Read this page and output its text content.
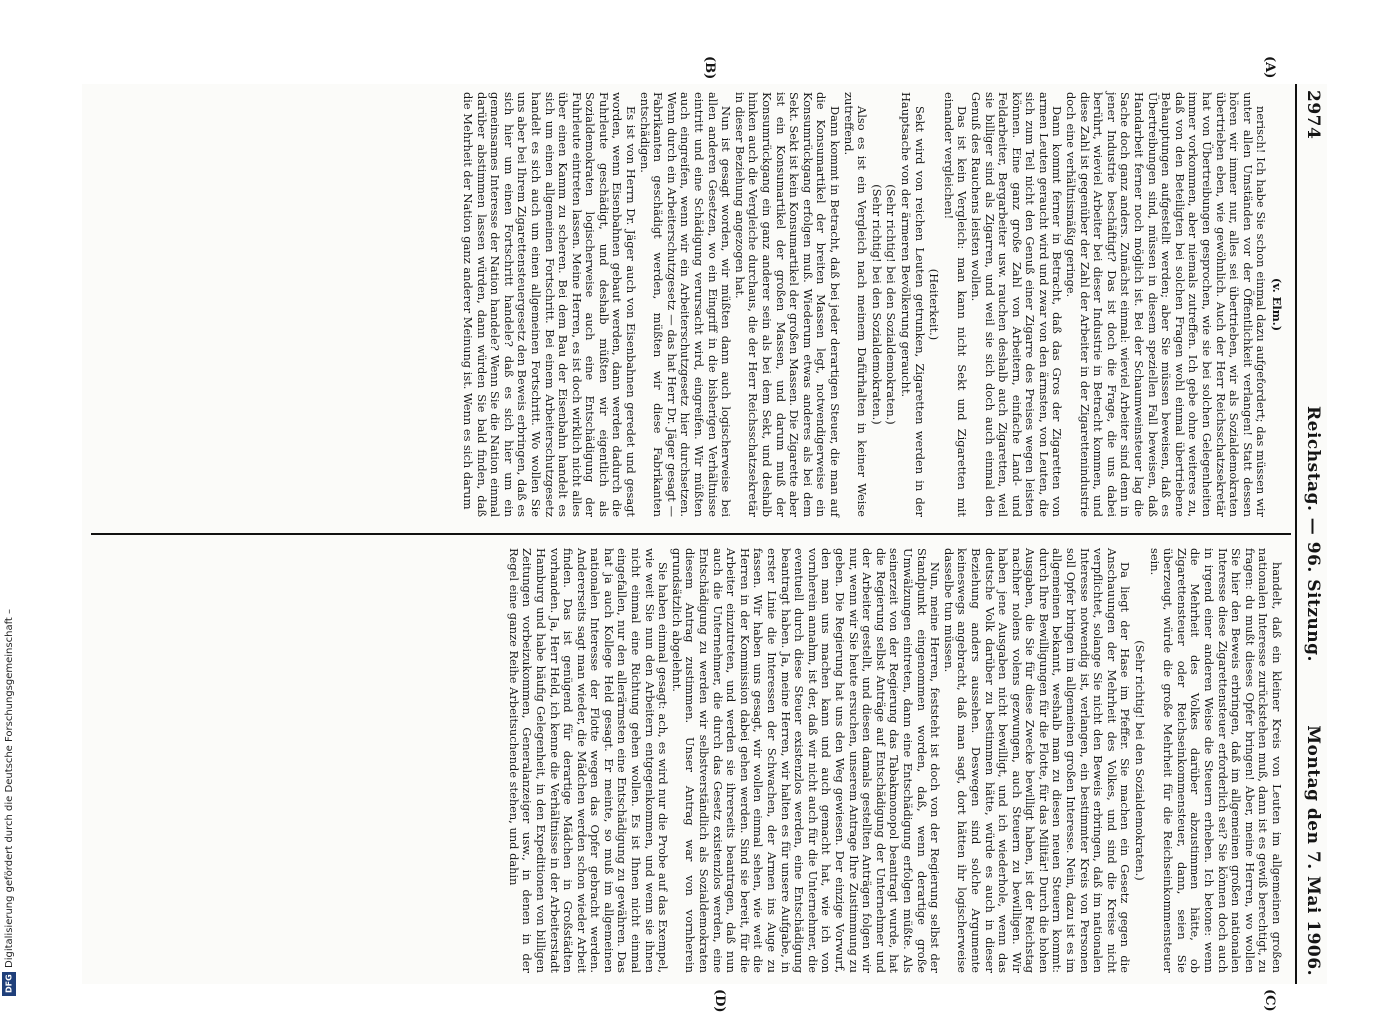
2974
Reichstag. — 96. Sitzung.
Montag den 7. Mai 1906.
(A)
(B)
(C)
(D)

(v. Elm.)

nerisch! Ich habe Sie schon einmal dazu aufgefordert; das müssen wir unter allen Umständen vor der Öffentlichkeit verlangen! Statt dessen hören wir immer nur, alles sei übertrieben, wir als Sozialdemokraten übertrieben eben, wie gewöhnlich. Auch der Herr Reichsschatzsekretär hat von Übertreibungen gesprochen, wie sie bei solchen Gelegenheiten immer vorkommen, aber niemals zutreffen. Ich gebe ohne weiteres zu, daß von den Beteiligten bei solchen Fragen wohl einmal übertriebene Behauptungen aufgestellt werden; aber Sie müssen beweisen, daß es Übertreibungen sind, müssen in diesem speziellen Fall beweisen, daß Handarbeit ferner noch möglich ist. Bei der Schaumweinsteuer lag die Sache doch ganz anders. Zunächst einmal: wieviel Arbeiter sind denn in jener Industrie beschäftigt? Das ist doch die Frage, die uns dabei berührt, wieviel Arbeiter bei dieser Industrie in Betracht kommen, und diese Zahl ist gegenüber der Zahl der Arbeiter in der Zigarettenindustrie doch eine verhältnismäßig geringe.

Dann kommt ferner in Betracht, daß das Gros der Zigaretten von armen Leuten geraucht wird und zwar von den ärmsten, von Leuten, die sich zum Teil nicht den Genuß einer Zigarre des Preises wegen leisten können. Eine ganz große Zahl von Arbeitern, einfache Land- und Feldarbeiter, Bergarbeiter usw. rauchen deshalb auch Zigaretten, weil sie billiger sind als Zigarren, und weil sie sich doch auch einmal den Genuß des Rauchens leisten wollen.

Das ist kein Vergleich: man kann nicht Sekt und Zigaretten mit einander vergleichen!

(Heiterkeit.)

Sekt wird von reichen Leuten getrunken, Zigaretten werden in der Hauptsache von der ärmeren Bevölkerung geraucht.

(Sehr richtig! bei den Sozialdemokraten.)

(Sehr richtig! bei den Sozialdemokraten.)

Also es ist ein Vergleich nach meinem Dafürhalten in keiner Weise zutreffend.

Dann kommt in Betracht, daß bei jeder derartigen Steuer, die man auf die Konsumartikel der breiten Massen legt, notwendigerweise ein Konsumrückgang erfolgen muß. Wiederum etwas anderes als bei dem Sekt. Sekt ist kein Konsumartikel der großen Massen. Die Zigarette aber ist ein Konsumartikel der großen Massen, und darum muß der Konsumrückgang ein ganz anderer sein als bei dem Sekt, und deshalb hinken auch die Vergleiche durchaus, die der Herr Reichsschatzsekretär in dieser Beziehung angezogen hat.

Nun ist gesagt worden, wir müßten dann auch logischerweise bei allen anderen Gesetzen, wo ein Eingriff in die bisherigen Verhältnisse eintritt und eine Schädigung verursacht wird, eingreifen. Wir müßten auch eingreifen, wenn wir ein Arbeiterschutzgesetz hier durchsetzen. Wenn durch ein Arbeiterschutzgesetz — das hat Herr Dr. Jäger gesagt — Fabrikanten geschädigt werden, müßten wir diese Fabrikanten entschädigen.

Es ist von Herrn Dr. Jäger auch von Eisenbahnen geredet und gesagt worden, wenn Eisenbahnen gebaut werden, dann werden dadurch die Fuhrleute geschädigt, und deshalb müßten wir eigentlich als Sozialdemokraten logischerweise auch eine Entschädigung der Fuhrleute eintreten lassen. Meine Herren, es ist doch wirklich nicht alles über einen Kamm zu scheren. Bei dem Bau der Eisenbahn handelt es sich um einen allgemeinen Fortschritt. Bei einem Arbeiterschutzgesetz handelt es sich auch um einen allgemeinen Fortschritt. Wo wollen Sie uns aber bei Ihrem Zigarettensteuergesetz den Beweis erbringen, daß es sich hier um einen Fortschritt handele? daß es sich hier um ein gemeinsames Interesse der Nation handele? Wenn Sie die Nation einmal darüber abstimmen lassen würden, dann würden Sie bald finden, daß die Mehrheit der Nation ganz anderer Meinung ist. Wenn es sich darum

handelt, daß ein kleiner Kreis von Leuten im allgemeinen großen nationalen Interesse zurückstehen muß, dann ist es gewiß berechtigt, zu fragen: du mußt dieses Opfer bringen! Aber, meine Herren, wo wollen Sie hier den Beweis erbringen, daß im allgemeinen großen nationalen Interesse diese Zigarettensteuer erforderlich sei? Sie können doch auch in irgend einer anderen Weise die Steuern erheben. Ich betone: wenn die Mehrheit des Volkes darüber abzustimmen hätte, ob Zigarettensteuer oder Reichseinkommensteuer, dann, seien Sie überzeugt, würde die große Mehrheit für die Reichseinkommensteuer sein.

(Sehr richtig! bei den Sozialdemokraten.)

Da liegt der Hase im Pfeffer. Sie machen ein Gesetz gegen die Anschauungen der Mehrheit des Volkes, und sind die Kreise nicht verpflichtet, solange Sie nicht den Beweis erbringen, daß im nationalen Interesse notwendig ist, verlangen, ein bestimmter Kreis von Personen soll Opfer bringen im allgemeinen großen Interesse. Nein, dazu ist es im allgemeinen bekannt, weshalb man zu diesen neuen Steuern kommt: durch Ihre Bewilligungen für die Flotte, für das Militär! Durch die hohen Ausgaben, die Sie für diese Zwecke bewilligt haben, ist der Reichstag nachher nolens volens gezwungen, auch Steuern zu bewilligen. Wir haben jene Ausgaben nicht bewilligt, und ich wiederhole, wenn das deutsche Volk darüber zu bestimmen hätte, würde es auch in dieser Beziehung anders aussehen. Deswegen sind solche Argumente keineswegs angebracht, daß man sagt, dort hätten ihr logischerweise dasselbe tun müssen.

Nun, meine Herren, feststeht ist doch von der Regierung selbst der Standpunkt eingenommen worden, daß, wenn derartige große Umwälzungen eintreten, dann eine Entschädigung erfolgen müßte. Als seinerzeit von der Regierung das Tabakmonopol beantragt wurde, hat die Regierung selbst Anträge auf Entschädigung der Unternehmer und der Arbeiter gestellt, und diesen damals gestellten Anträgen folgen wir nur, wenn wir Sie heute ersuchen, unserem Antrage Ihre Zustimmung zu geben. Die Regierung hat uns den Weg gewiesen. Der einzige Vorwurf, den man uns machen kann und auch gemacht hat, wie ich von vornherein annahm, ist der, daß wir nicht auch für die Unternehmer, die eventuell durch diese Steuer existenzlos werden, eine Entschädigung beantragt haben. Ja, meine Herren, wir halten es für unsere Aufgabe, in erster Linie die Interessen der Schwachen, der Armen ins Auge zu fassen. Wir haben uns gesagt, wir wollen einmal sehen, wie weit die Herren in der Kommission dabei gehen werden. Sind sie bereit, für die Arbeiter einzutreten, und werden sie ihrerseits beantragen, daß nun auch die Unternehmer, die durch das Gesetz existenzlos werden, eine Entschädigung zu werden wir selbstverständlich als Sozialdemokraten diesem Antrag zustimmen. Unser Antrag war von vornherein grundsätzlich abgelehnt.

Sie haben einmal gesagt: ach, es wird nur die Probe auf das Exempel, wie weit Sie nun den Arbeitern entgegenkommen, und wenn sie ihnen nicht einmal eine Richtung gehen wollen. Es ist Ihnen nicht einmal eingefallen, nur den allerärmsten eine Entschädigung zu gewähren. Das hat ja auch Kollege Held gesagt. Er meinte, so muß im allgemeinen nationalen Interesse der Flotte wegen das Opfer gebracht werden. Andererseits sagt man wieder, die Mädchen werden schon wieder Arbeit finden. Das ist genügend für derartige Mädchen in Großstädten vorhanden. Ja, Herr Held, ich kenne die Verhältnisse in der Arbeiterstadt Hamburg und habe häufig Gelegenheit, in den Expeditionen von billigen Zeitungen vorbeizukommen, Generalanzeiger usw., in denen in der Regel eine ganze Reihe Arbeitsuchende stehen, und dahin

Digitalisierung gefördert durch die Deutsche Forschungsgemeinschaft –
DFG
